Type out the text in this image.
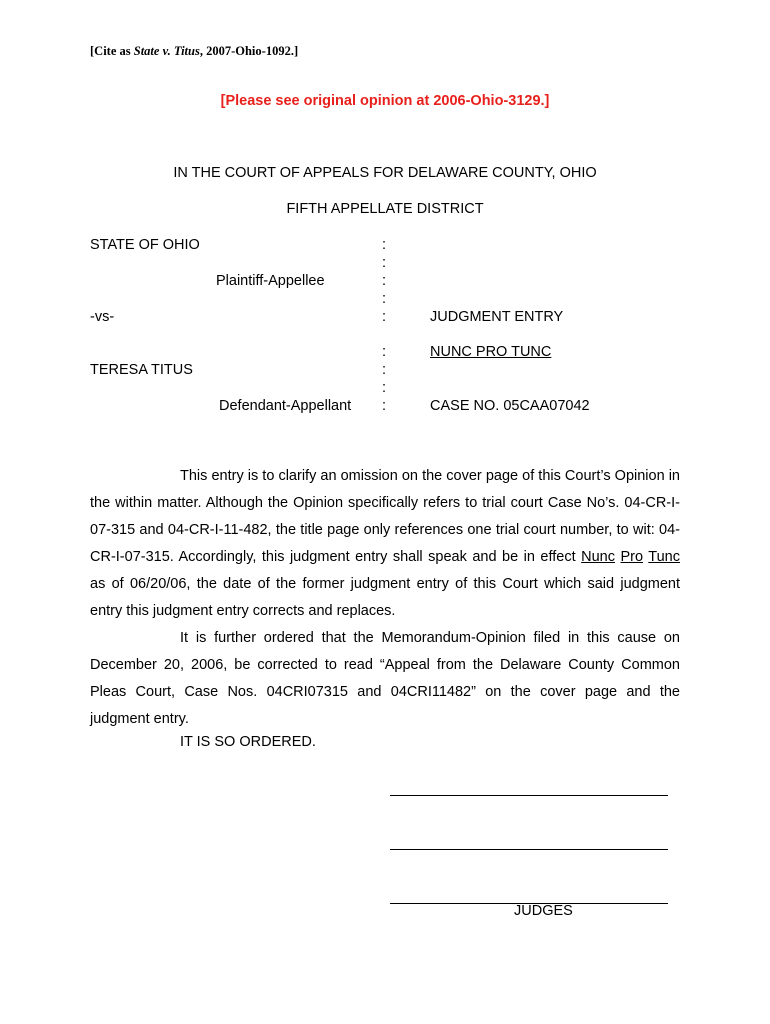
[Cite as State v. Titus, 2007-Ohio-1092.]
[Please see original opinion at 2006-Ohio-3129.]
IN THE COURT OF APPEALS FOR DELAWARE COUNTY, OHIO
FIFTH APPELLATE DISTRICT
STATE OF OHIO
Plaintiff-Appellee
-vs-
TERESA TITUS
Defendant-Appellant
:
:
:
:
:
:
:
:
:
JUDGMENT ENTRY
NUNC PRO TUNC
CASE NO. 05CAA07042
This entry is to clarify an omission on the cover page of this Court’s Opinion in the within matter. Although the Opinion specifically refers to trial court Case No’s. 04-CR-I-07-315 and 04-CR-I-11-482, the title page only references one trial court number, to wit: 04-CR-I-07-315. Accordingly, this judgment entry shall speak and be in effect Nunc Pro Tunc as of 06/20/06, the date of the former judgment entry of this Court which said judgment entry this judgment entry corrects and replaces.
It is further ordered that the Memorandum-Opinion filed in this cause on December 20, 2006, be corrected to read “Appeal from the Delaware County Common Pleas Court, Case Nos. 04CRI07315 and 04CRI11482” on the cover page and the judgment entry.
IT IS SO ORDERED.
JUDGES
